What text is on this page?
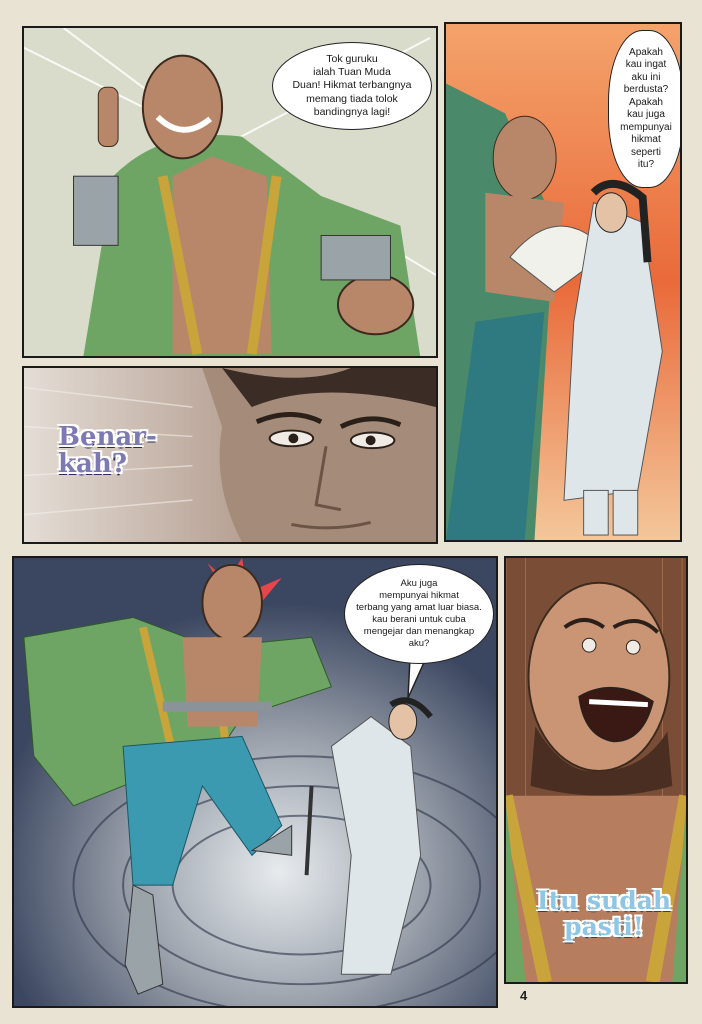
Tok guruku
ialah Tuan Muda
Duan! Hikmat terbangnya
memang tiada tolok
bandingnya lagi!
Apakah
kau ingat
aku ini
berdusta?
Apakah
kau juga
mempunyai
hikmat
seperti
itu?
Benar-
kah?
Aku juga
mempunyai hikmat
terbang yang amat luar biasa.
kau berani untuk cuba
mengejar dan menangkap
aku?
Itu sudah
pasti!
4
